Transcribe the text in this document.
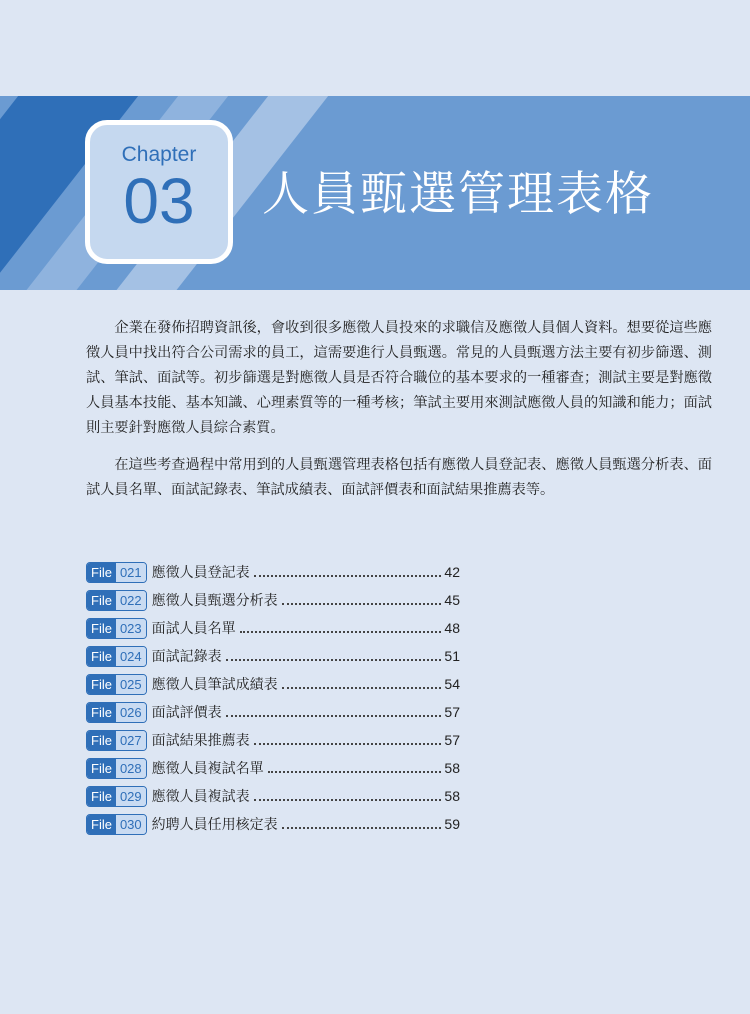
Chapter
03	人員甄選管理表格

企業在發佈招聘資訊後，會收到很多應徵人員投來的求職信及應徵人員個人資料。想要從這些應徵人員中找出符合公司需求的員工，這需要進行人員甄選。常見的人員甄選方法主要有初步篩選、測試、筆試、面試等。初步篩選是對應徵人員是否符合職位的基本要求的一種審查；測試主要是對應徵人員基本技能、基本知識、心理素質等的一種考核；筆試主要用來測試應徵人員的知識和能力；面試則主要針對應徵人員綜合素質。

在這些考查過程中常用到的人員甄選管理表格包括有應徵人員登記表、應徵人員甄選分析表、面試人員名單、面試記錄表、筆試成績表、面試評價表和面試結果推薦表等。

File 021 應徵人員登記表	42
File 022 應徵人員甄選分析表	45
File 023 面試人員名單	48
File 024 面試記錄表	51
File 025 應徵人員筆試成績表	54
File 026 面試評價表	57
File 027 面試結果推薦表	57
File 028 應徵人員複試名單	58
File 029 應徵人員複試表	58
File 030 約聘人員任用核定表	59
